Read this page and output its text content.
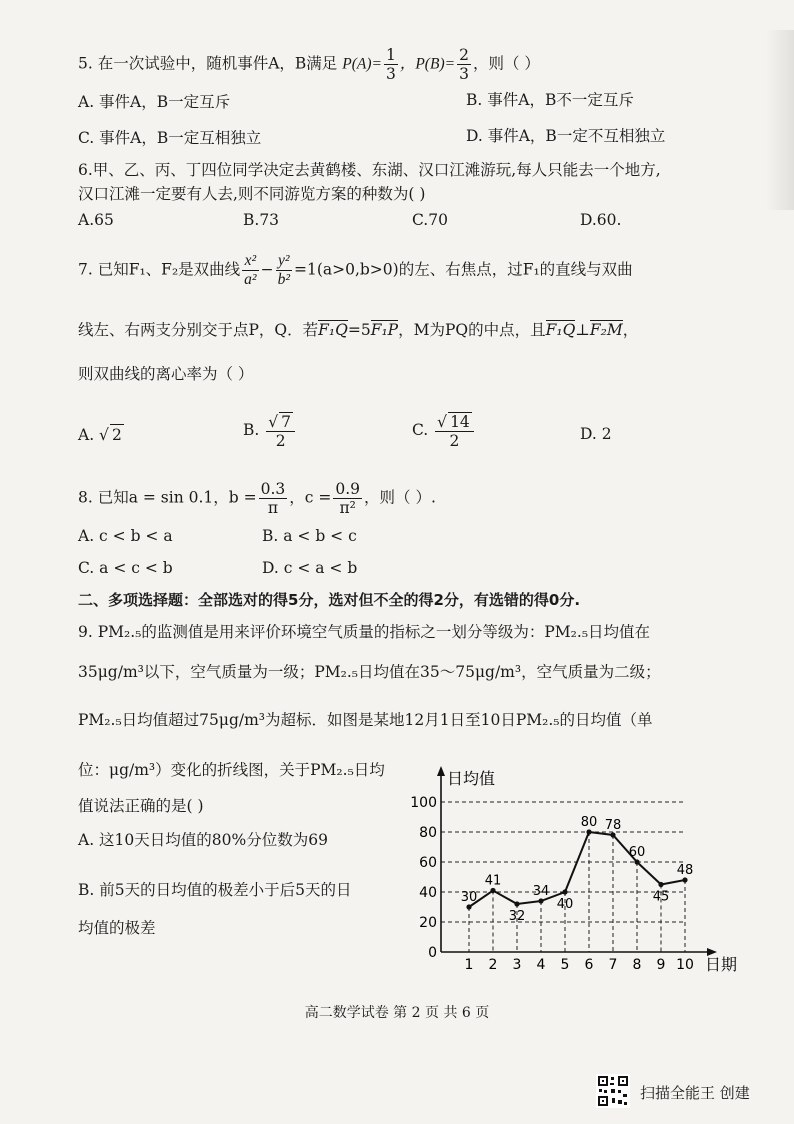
5. 在一次试验中，随机事件A，B满足 $P(A)= \frac{1}{3}$ ，$P(B)= \frac{2}{3}$ ，则（ ）
A. 事件A，B一定互斥	B. 事件A，B不一定互斥
C. 事件A，B一定互相独立	D. 事件A，B一定不互相独立
6.甲、乙、丙、丁四位同学决定去黄鹤楼、东湖、汉口江滩游玩,每人只能去一个地方,
汉口江滩一定要有人去,则不同游览方案的种数为( )
A.65	B.73	C.70	D.60.
7. 已知F₁、F₂是双曲线 $\frac{\text{x²}}{\text{a²}} - \frac{\text{y²}}{\text{b²}} =1(a>0,b>0)$的左、右焦点，过F₁的直线与双曲
线左、右两支分别交于点P，Q．若F₁Q=5F₁P，M为PQ的中点，且F₁Q⊥F₂M，
则双曲线的离心率为（ ）
A. √ 2	B. $\frac{√ 7}{2}$	C. $\frac{√ 14}{2}$	D. 2
8. 已知a = sin 0.1，$b = \frac{0.3}{\pi}$ ，$c = \frac{0.9}{\text{π²}}$ ，则（ ）.
A. c < b < a	B. a < b < c
C. a < c < b	D. c < a < b
二、多项选择题：全部选对的得5分，选对但不全的得2分，有选错的得0分.
9. PM₂.₅的监测值是用来评价环境空气质量的指标之一划分等级为：PM₂.₅日均值在
35μg/m³以下，空气质量为一级；PM₂.₅日均值在35～75μg/m³，空气质量为二级；
PM₂.₅日均值超过75μg/m³为超标．如图是某地12月1日至10日PM₂.₅的日均值（单
位：μg/m³）变化的折线图，关于PM₂.₅日均
值说法正确的是( )
A. 这10天日均值的80%分位数为69
B. 前5天的日均值的极差小于后5天的日
均值的极差
0
20
40
60
80
100
日均值
日期
1 2 3 4 5 6 7 8 9 10
30
41
32
34
40
80 78
60
45
48
高二数学试卷 第 2 页 共 6 页
扫描全能王 创建
